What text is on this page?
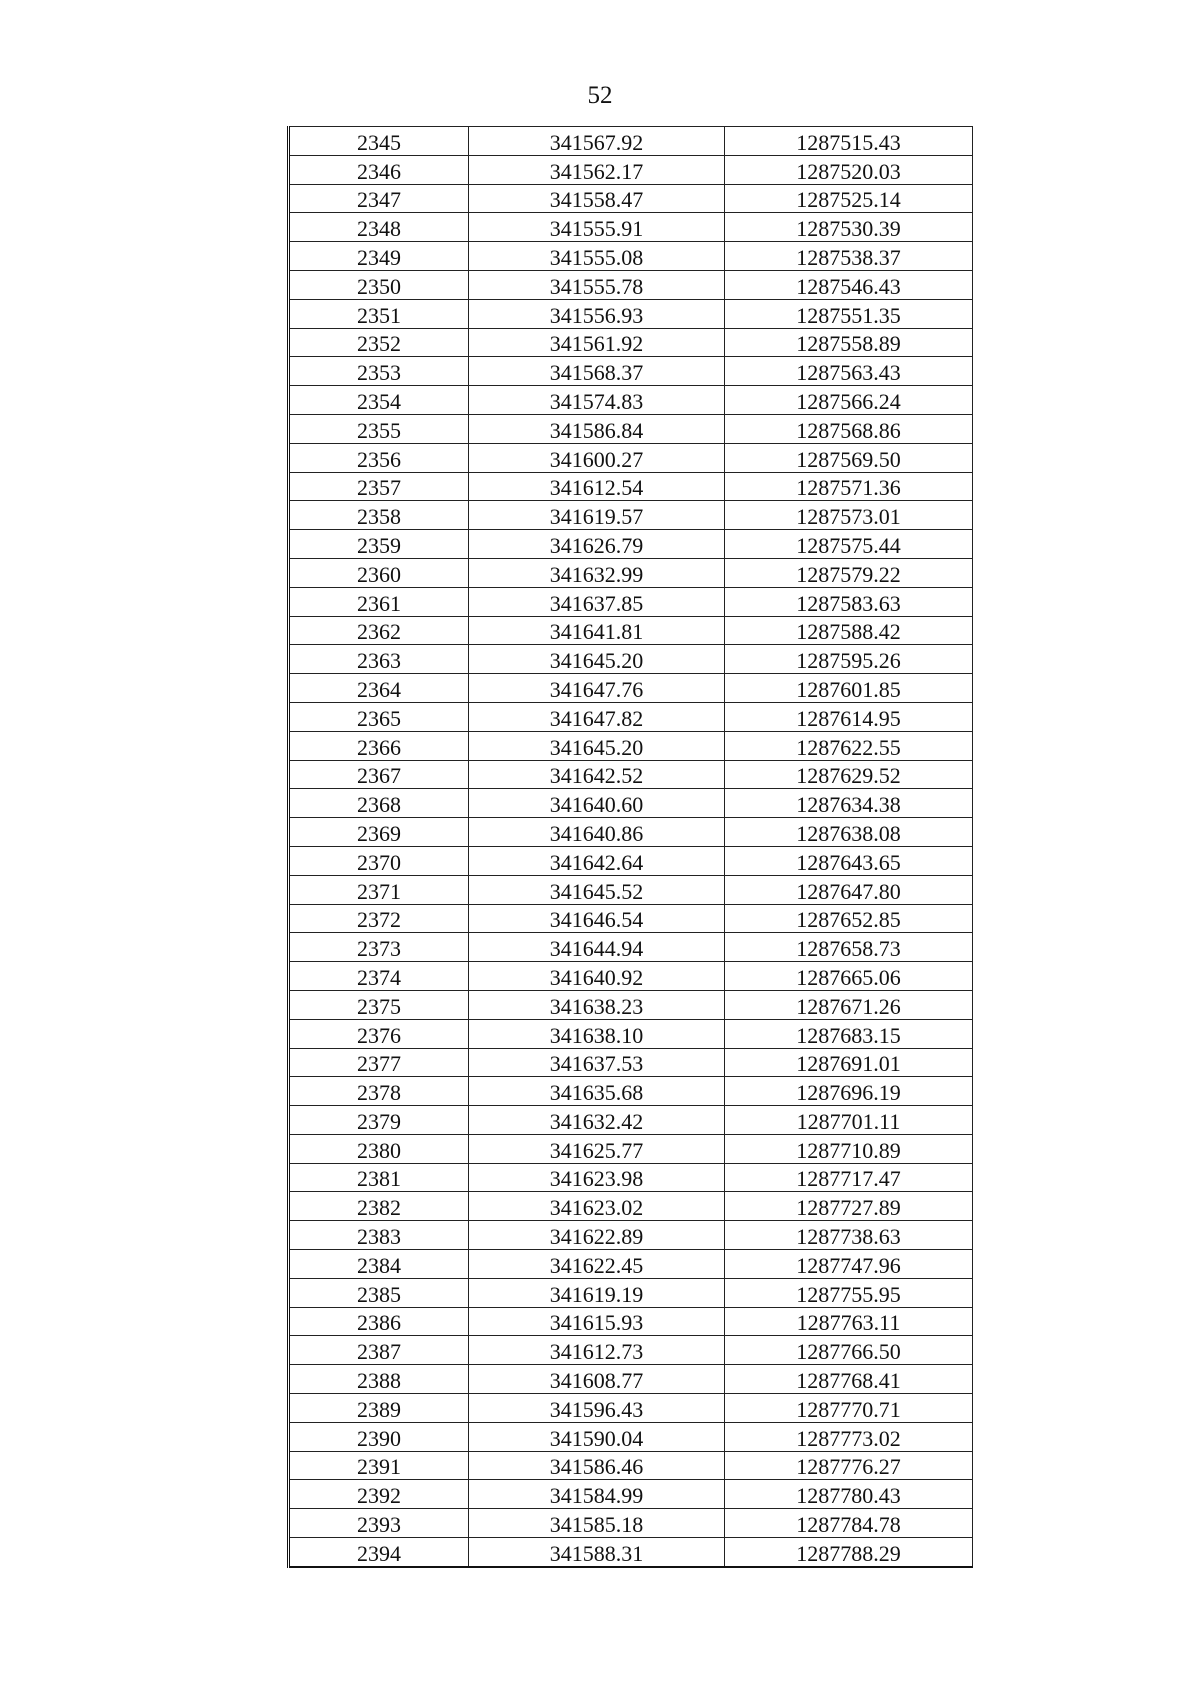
52
2345	341567.92	1287515.43
2346	341562.17	1287520.03
2347	341558.47	1287525.14
2348	341555.91	1287530.39
2349	341555.08	1287538.37
2350	341555.78	1287546.43
2351	341556.93	1287551.35
2352	341561.92	1287558.89
2353	341568.37	1287563.43
2354	341574.83	1287566.24
2355	341586.84	1287568.86
2356	341600.27	1287569.50
2357	341612.54	1287571.36
2358	341619.57	1287573.01
2359	341626.79	1287575.44
2360	341632.99	1287579.22
2361	341637.85	1287583.63
2362	341641.81	1287588.42
2363	341645.20	1287595.26
2364	341647.76	1287601.85
2365	341647.82	1287614.95
2366	341645.20	1287622.55
2367	341642.52	1287629.52
2368	341640.60	1287634.38
2369	341640.86	1287638.08
2370	341642.64	1287643.65
2371	341645.52	1287647.80
2372	341646.54	1287652.85
2373	341644.94	1287658.73
2374	341640.92	1287665.06
2375	341638.23	1287671.26
2376	341638.10	1287683.15
2377	341637.53	1287691.01
2378	341635.68	1287696.19
2379	341632.42	1287701.11
2380	341625.77	1287710.89
2381	341623.98	1287717.47
2382	341623.02	1287727.89
2383	341622.89	1287738.63
2384	341622.45	1287747.96
2385	341619.19	1287755.95
2386	341615.93	1287763.11
2387	341612.73	1287766.50
2388	341608.77	1287768.41
2389	341596.43	1287770.71
2390	341590.04	1287773.02
2391	341586.46	1287776.27
2392	341584.99	1287780.43
2393	341585.18	1287784.78
2394	341588.31	1287788.29
